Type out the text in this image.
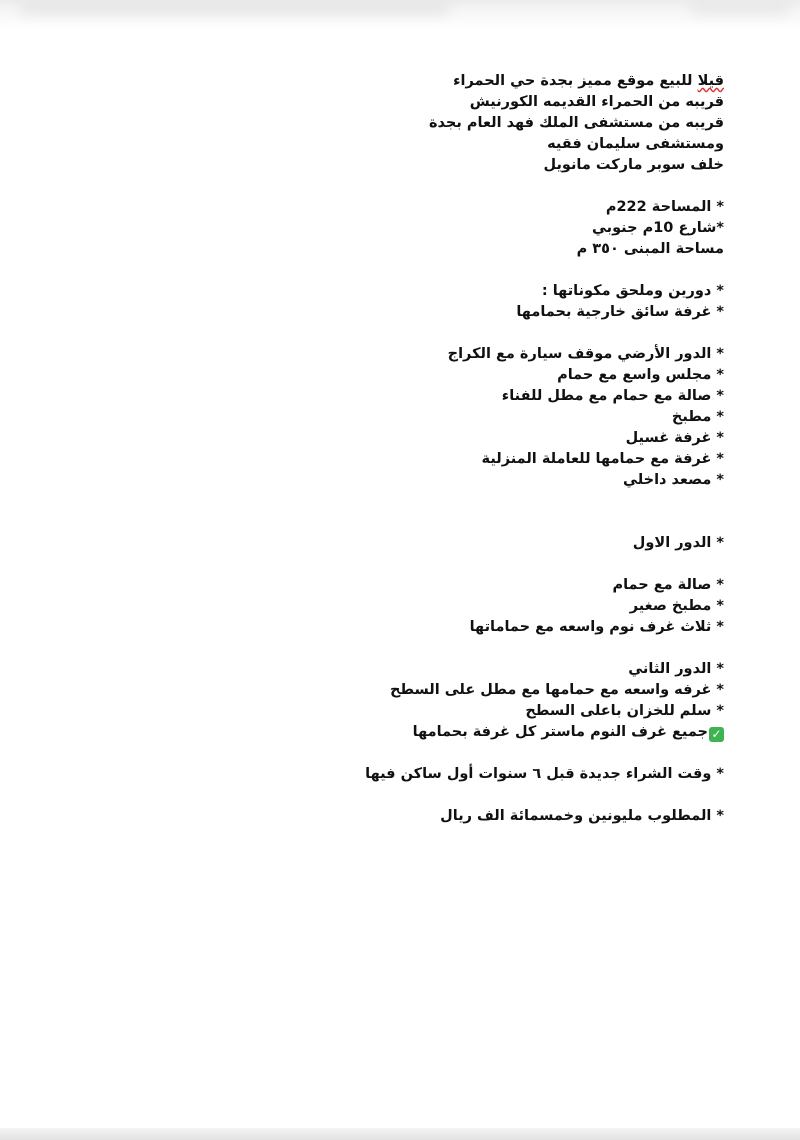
قيلا للبيع موقع مميز بجدة حي الحمراء
قريبه من الحمراء القديمه الكورنيش
قريبه من مستشفى الملك فهد العام بجدة
ومستشفى سليمان فقيه
خلف سوبر ماركت مانويل
* المساحة 222م
*شارع 10م جنوبي
مساحة المبنى ٣٥٠ م
* دورين وملحق مكوناتها :
* غرفة سائق خارجية بحمامها
* الدور الأرضي موقف سيارة مع الكراج
* مجلس واسع مع حمام
* صالة مع حمام مع مطل للفناء
* مطبخ
* غرفة غسيل
* غرفة مع حمامها للعاملة المنزلية
* مصعد داخلي
* الدور الاول
* صالة مع حمام
* مطبخ صغير
* ثلاث غرف نوم واسعه مع حماماتها
* الدور الثاني
* غرفه واسعه مع حمامها مع مطل على السطح
* سلم للخزان باعلى السطح
✓جميع غرف النوم ماستر كل غرفة بحمامها
* وقت الشراء جديدة قبل ٦ سنوات أول ساكن فيها
* المطلوب مليونين وخمسمائة الف ريال
